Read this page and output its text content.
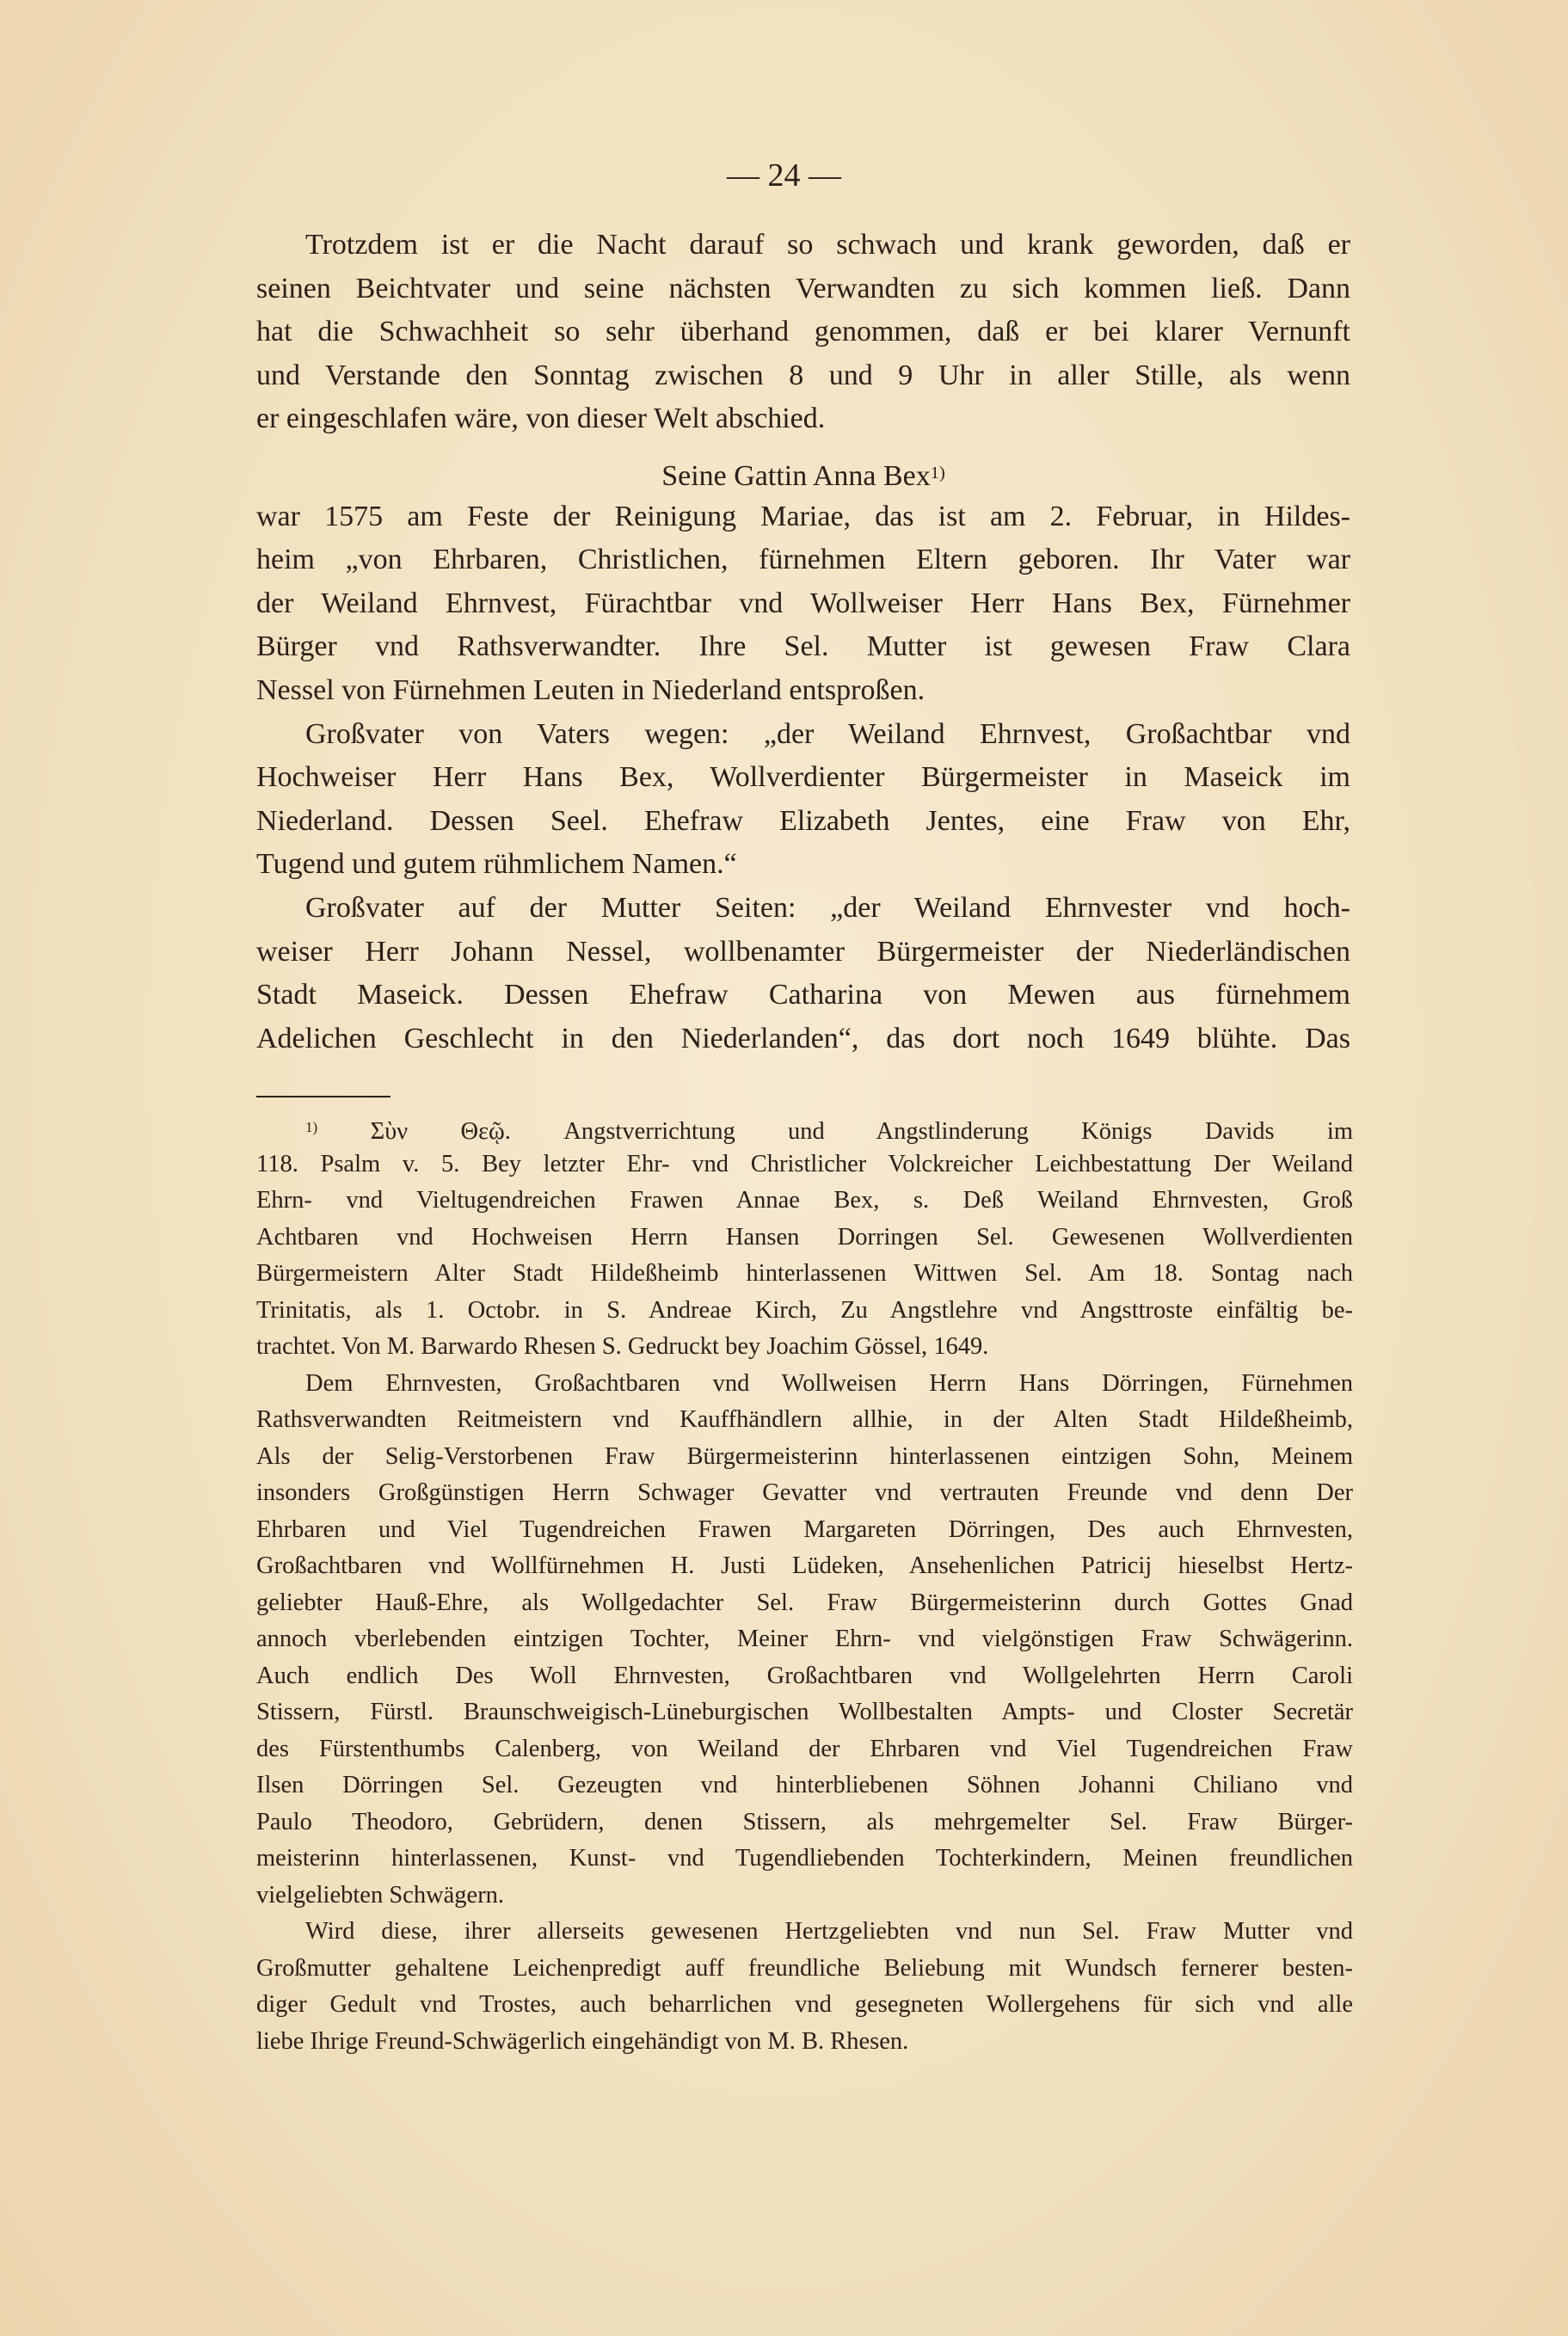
— 24 —
Trotzdem ist er die Nacht darauf so schwach und krank geworden, daß er
seinen Beichtvater und seine nächsten Verwandten zu sich kommen ließ. Dann
hat die Schwachheit so sehr überhand genommen, daß er bei klarer Vernunft
und Verstande den Sonntag zwischen 8 und 9 Uhr in aller Stille, als wenn
er eingeschlafen wäre, von dieser Welt abschied.
Seine Gattin Anna Bex$^{1)}$
war 1575 am Feste der Reinigung Mariae, das ist am 2. Februar, in Hildes-
heim „von Ehrbaren, Christlichen, fürnehmen Eltern geboren. Ihr Vater war
der Weiland Ehrnvest, Fürachtbar vnd Wollweiser Herr Hans Bex, Fürnehmer
Bürger vnd Rathsverwandter. Ihre Sel. Mutter ist gewesen Fraw Clara
Nessel von Fürnehmen Leuten in Niederland entsproßen.
Großvater von Vaters wegen: „der Weiland Ehrnvest, Großachtbar vnd
Hochweiser Herr Hans Bex, Wollverdienter Bürgermeister in Maseick im
Niederland. Dessen Seel. Ehefraw Elizabeth Jentes, eine Fraw von Ehr,
Tugend und gutem rühmlichem Namen.“
Großvater auf der Mutter Seiten: „der Weiland Ehrnvester vnd hoch-
weiser Herr Johann Nessel, wollbenamter Bürgermeister der Niederländischen
Stadt Maseick. Dessen Ehefraw Catharina von Mewen aus fürnehmem
Adelichen Geschlecht in den Niederlanden“, das dort noch 1649 blühte. Das
$^{1)}$ Σὺν Θεῷ. Angstverrichtung und Angstlinderung Königs Davids im
118. Psalm v. 5. Bey letzter Ehr- vnd Christlicher Volckreicher Leichbestattung Der Weiland
Ehrn- vnd Vieltugendreichen Frawen Annae Bex, s. Deß Weiland Ehrnvesten, Groß
Achtbaren vnd Hochweisen Herrn Hansen Dorringen Sel. Gewesenen Wollverdienten
Bürgermeistern Alter Stadt Hildeßheimb hinterlassenen Wittwen Sel. Am 18. Sontag nach
Trinitatis, als 1. Octobr. in S. Andreae Kirch, Zu Angstlehre vnd Angsttroste einfältig be-
trachtet. Von M. Barwardo Rhesen S. Gedruckt bey Joachim Gössel, 1649.
Dem Ehrnvesten, Großachtbaren vnd Wollweisen Herrn Hans Dörringen, Fürnehmen
Rathsverwandten Reitmeistern vnd Kauffhändlern allhie, in der Alten Stadt Hildeßheimb,
Als der Selig-Verstorbenen Fraw Bürgermeisterinn hinterlassenen eintzigen Sohn, Meinem
insonders Großgünstigen Herrn Schwager Gevatter vnd vertrauten Freunde vnd denn Der
Ehrbaren und Viel Tugendreichen Frawen Margareten Dörringen, Des auch Ehrnvesten,
Großachtbaren vnd Wollfürnehmen H. Justi Lüdeken, Ansehenlichen Patricij hieselbst Hertz-
geliebter Hauß-Ehre, als Wollgedachter Sel. Fraw Bürgermeisterinn durch Gottes Gnad
annoch vberlebenden eintzigen Tochter, Meiner Ehrn- vnd vielgönstigen Fraw Schwägerinn.
Auch endlich Des Woll Ehrnvesten, Großachtbaren vnd Wollgelehrten Herrn Caroli
Stissern, Fürstl. Braunschweigisch-Lüneburgischen Wollbestalten Ampts- und Closter Secretär
des Fürstenthumbs Calenberg, von Weiland der Ehrbaren vnd Viel Tugendreichen Fraw
Ilsen Dörringen Sel. Gezeugten vnd hinterbliebenen Söhnen Johanni Chiliano vnd
Paulo Theodoro, Gebrüdern, denen Stissern, als mehrgemelter Sel. Fraw Bürger-
meisterinn hinterlassenen, Kunst- vnd Tugendliebenden Tochterkindern, Meinen freundlichen
vielgeliebten Schwägern.
Wird diese, ihrer allerseits gewesenen Hertzgeliebten vnd nun Sel. Fraw Mutter vnd
Großmutter gehaltene Leichenpredigt auff freundliche Beliebung mit Wundsch fernerer besten-
diger Gedult vnd Trostes, auch beharrlichen vnd gesegneten Wollergehens für sich vnd alle
liebe Ihrige Freund-Schwägerlich eingehändigt von M. B. Rhesen.
